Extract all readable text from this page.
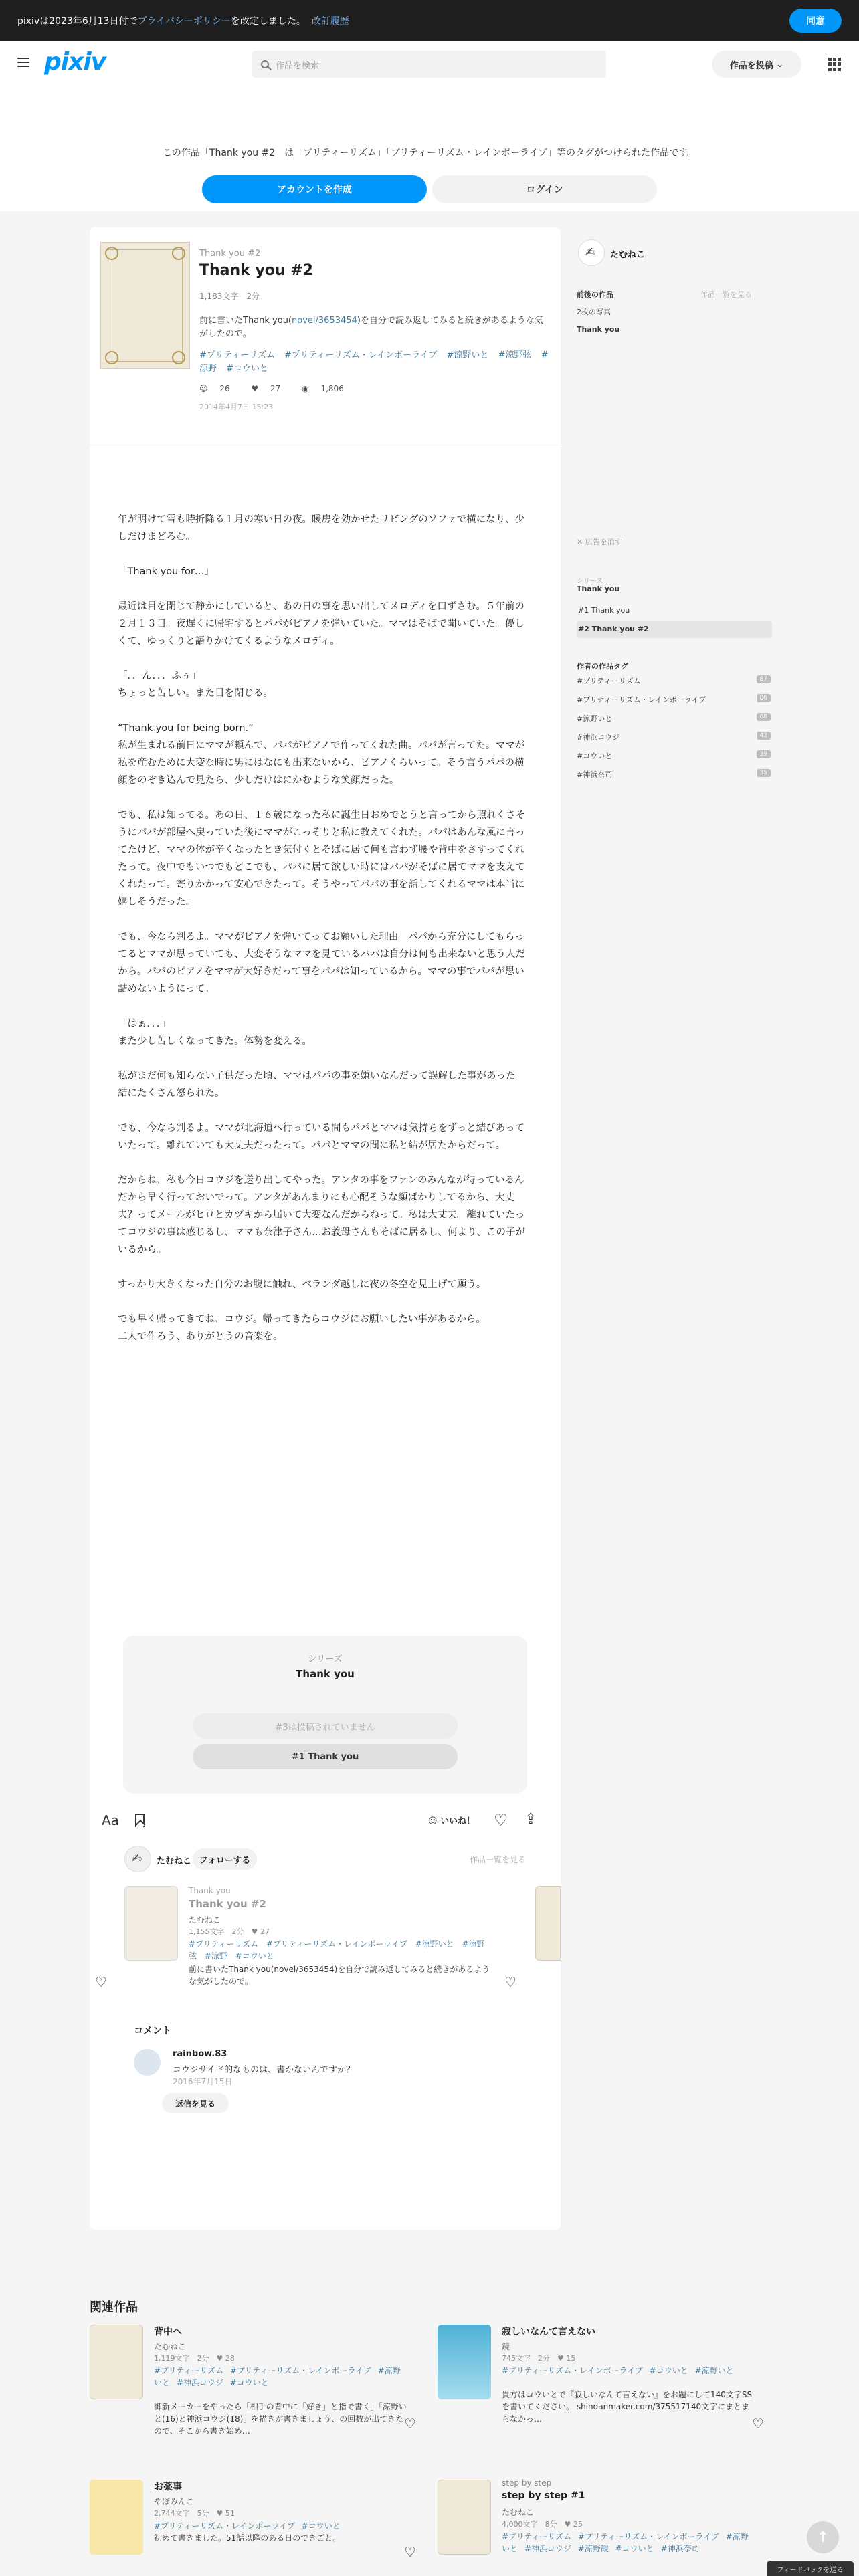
pixivは2023年6月13日付でプライバシーポリシーを改定しました。 改訂履歴	同意
pixiv	作品を検索	作品を投稿 ⌄
この作品「Thank you #2」は「プリティーリズム」「プリティーリズム・レインボーライブ」等のタグがつけられた作品です。
アカウントを作成	ログイン
Thank you #2
Thank you #2
1,183文字　2分
前に書いたThank you(novel/3653454)を自分で読み返してみると続きがあるような気がしたので。
#プリティーリズム #プリティーリズム・レインボーライブ #涼野いと #涼野弦 #涼野 #コウいと
☺ 26	♥ 27	◉ 1,806
2014年4月7日 15:23

年が明けて雪も時折降る１月の寒い日の夜。暖房を効かせたリビングのソファで横になり、少しだけまどろむ。

「Thank you for…」

最近は目を閉じて静かにしていると、あの日の事を思い出してメロディを口ずさむ。５年前の２月１３日。夜遅くに帰宅するとパパがピアノを弾いていた。ママはそばで聞いていた。優しくて、ゆっくりと語りかけてくるようなメロディ。

「．．ん．．．ふぅ」
ちょっと苦しい。また目を閉じる。

“Thank you for being born.”
私が生まれる前日にママが頼んで、パパがピアノで作ってくれた曲。パパが言ってた。ママが私を産むために大変な時に男にはなにも出来ないから、ピアノくらいって。そう言うパパの横顔をのぞき込んで見たら、少しだけはにかむような笑顔だった。

でも、私は知ってる。あの日、１６歳になった私に誕生日おめでとうと言ってから照れくさそうにパパが部屋へ戻っていた後にママがこっそりと私に教えてくれた。パパはあんな風に言ってたけど、ママの体が辛くなったとき気付くとそばに居て何も言わず腰や背中をさすってくれたって。夜中でもいつでもどこでも、パパに居て欲しい時にはパパがそばに居てママを支えてくれたって。寄りかかって安心できたって。そうやってパパの事を話してくれるママは本当に嬉しそうだった。

でも、今なら判るよ。ママがピアノを弾いてってお願いした理由。パパから充分にしてもらってるとママが思っていても、大変そうなママを見ているパパは自分は何も出来ないと思う人だから。パパのピアノをママが大好きだって事をパパは知っているから。ママの事でパパが思い詰めないようにって。

「はぁ．．．」
また少し苦しくなってきた。体勢を変える。

私がまだ何も知らない子供だった頃、ママはパパの事を嫌いなんだって誤解した事があった。結にたくさん怒られた。

でも、今なら判るよ。ママが北海道へ行っている間もパパとママは気持ちをずっと結びあっていたって。離れていても大丈夫だったって。パパとママの間に私と結が居たからだって。

だからね、私も今日コウジを送り出してやった。アンタの事をファンのみんなが待っているんだから早く行っておいでって。アンタがあんまりにも心配そうな顔ばかりしてるから、大丈夫？ってメールがヒロとカヅキから届いて大変なんだからねって。私は大丈夫。離れていたってコウジの事は感じるし、ママも奈津子さん…お義母さんもそばに居るし、何より、この子がいるから。

すっかり大きくなった自分のお腹に触れ、ベランダ越しに夜の冬空を見上げて願う。

でも早く帰ってきてね、コウジ。帰ってきたらコウジにお願いしたい事があるから。
二人で作ろう、ありがとうの音楽を。

シリーズ
Thank you
#3は投稿されていません
#1 Thank you
Aa	☺ いいね！ ♡ ⇪
✍
たむねこ フォローする	作品一覧を見る
Thank you
Thank you #2
たむねこ
1,155文字　2分　♥ 27
#プリティーリズム #プリティーリズム・レインボーライブ #涼野いと #涼野弦 #涼野 #コウいと
前に書いたThank you(novel/3653454)を自分で読み返してみると続きがあるような気がしたので。
♡	♡
コメント
rainbow.83
コウジサイド的なものは、書かないんですか？
2016年7月15日
返信を見る
✍
たむねこ
前後の作品	作品一覧を見る
2枚の写真
Thank you
✕ 広告を消す
シリーズ
Thank you
#1 Thank you
#2 Thank you #2
作者の作品タグ
#プリティーリズム	87
#プリティーリズム・レインボーライブ	86
#涼野いと	68
#神浜コウジ	42
#コウいと	39
#神浜奈司	35
関連作品
背中へ
たむねこ
1,119文字　2分　♥ 28
#プリティーリズム #プリティーリズム・レインボーライブ #涼野いと #神浜コウジ #コウいと
御新メーカーをやったら「相手の背中に「好き」と指で書く」「涼野いと(16)と神浜コウジ(18)」を描きが書きましょう、の回数が出てきたので、そこから書き始め…	♡
寂しいなんて言えない
鏡
745文字　2分　♥ 15
#プリティーリズム・レインボーライブ #コウいと #涼野いと
貴方はコウいとで『寂しいなんて言えない』をお題にして140文字SSを書いてください。 shindanmaker.com/375517140文字にまとまらなかっ…	♡
お薬事
やぼみんこ
2,744文字　5分　♥ 51
#プリティーリズム・レインボーライブ #コウいと
初めて書きました。51話以降のある日のできごと。
♡
step by step
step by step #1
たむねこ
4,000文字　8分　♥ 25
#プリティーリズム #プリティーリズム・レインボーライブ #涼野いと #神浜コウジ #涼野観 #コウいと #神浜奈司
↑
フィードバックを送る
